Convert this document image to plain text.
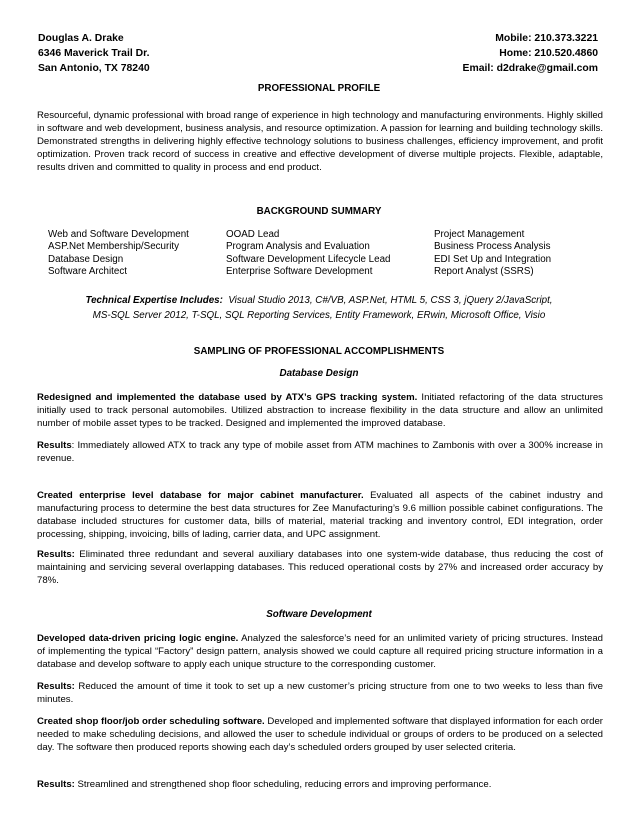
Douglas A. Drake
6346 Maverick Trail Dr.
San Antonio, TX 78240
Mobile: 210.373.3221
Home: 210.520.4860
Email: d2drake@gmail.com
PROFESSIONAL PROFILE
Resourceful, dynamic professional with broad range of experience in high technology and manufacturing environments. Highly skilled in software and web development, business analysis, and resource optimization. A passion for learning and building technology skills. Demonstrated strengths in delivering highly effective technology solutions to business challenges, efficiency improvement, and profit optimization. Proven track record of success in creative and effective development of diverse multiple projects. Flexible, adaptable, results driven and committed to quality in process and end product.
BACKGROUND SUMMARY
Web and Software Development
ASP.Net Membership/Security
Database Design
Software Architect
OOAD Lead
Program Analysis and Evaluation
Software Development Lifecycle Lead
Enterprise Software Development
Project Management
Business Process Analysis
EDI Set Up and Integration
Report Analyst (SSRS)
Technical Expertise Includes: Visual Studio 2013, C#/VB, ASP.Net, HTML 5, CSS 3, jQuery 2/JavaScript,
MS-SQL Server 2012, T-SQL, SQL Reporting Services, Entity Framework, ERwin, Microsoft Office, Visio
SAMPLING OF PROFESSIONAL ACCOMPLISHMENTS
Database Design
Redesigned and implemented the database used by ATX’s GPS tracking system. Initiated refactoring of the data structures initially used to track personal automobiles. Utilized abstraction to increase flexibility in the data structure and allow an unlimited number of mobile asset types to be tracked. Designed and implemented the improved database.
Results: Immediately allowed ATX to track any type of mobile asset from ATM machines to Zambonis with over a 300% increase in revenue.
Created enterprise level database for major cabinet manufacturer. Evaluated all aspects of the cabinet industry and manufacturing process to determine the best data structures for Zee Manufacturing’s 9.6 million possible cabinet configurations. The database included structures for customer data, bills of material, material tracking and inventory control, EDI integration, order processing, shipping, invoicing, bills of lading, carrier data, and UPC assignment.
Results: Eliminated three redundant and several auxiliary databases into one system-wide database, thus reducing the cost of maintaining and servicing several overlapping databases. This reduced operational costs by 27% and increased order accuracy by 78%.
Software Development
Developed data-driven pricing logic engine. Analyzed the salesforce’s need for an unlimited variety of pricing structures. Instead of implementing the typical “Factory” design pattern, analysis showed we could capture all required pricing structure information in a database and develop software to apply each unique structure to the corresponding customer.
Results: Reduced the amount of time it took to set up a new customer’s pricing structure from one to two weeks to less than five minutes.
Created shop floor/job order scheduling software. Developed and implemented software that displayed information for each order needed to make scheduling decisions, and allowed the user to schedule individual or groups of orders to be produced on a selected day. The software then produced reports showing each day’s scheduled orders grouped by user selected criteria.
Results: Streamlined and strengthened shop floor scheduling, reducing errors and improving performance.
